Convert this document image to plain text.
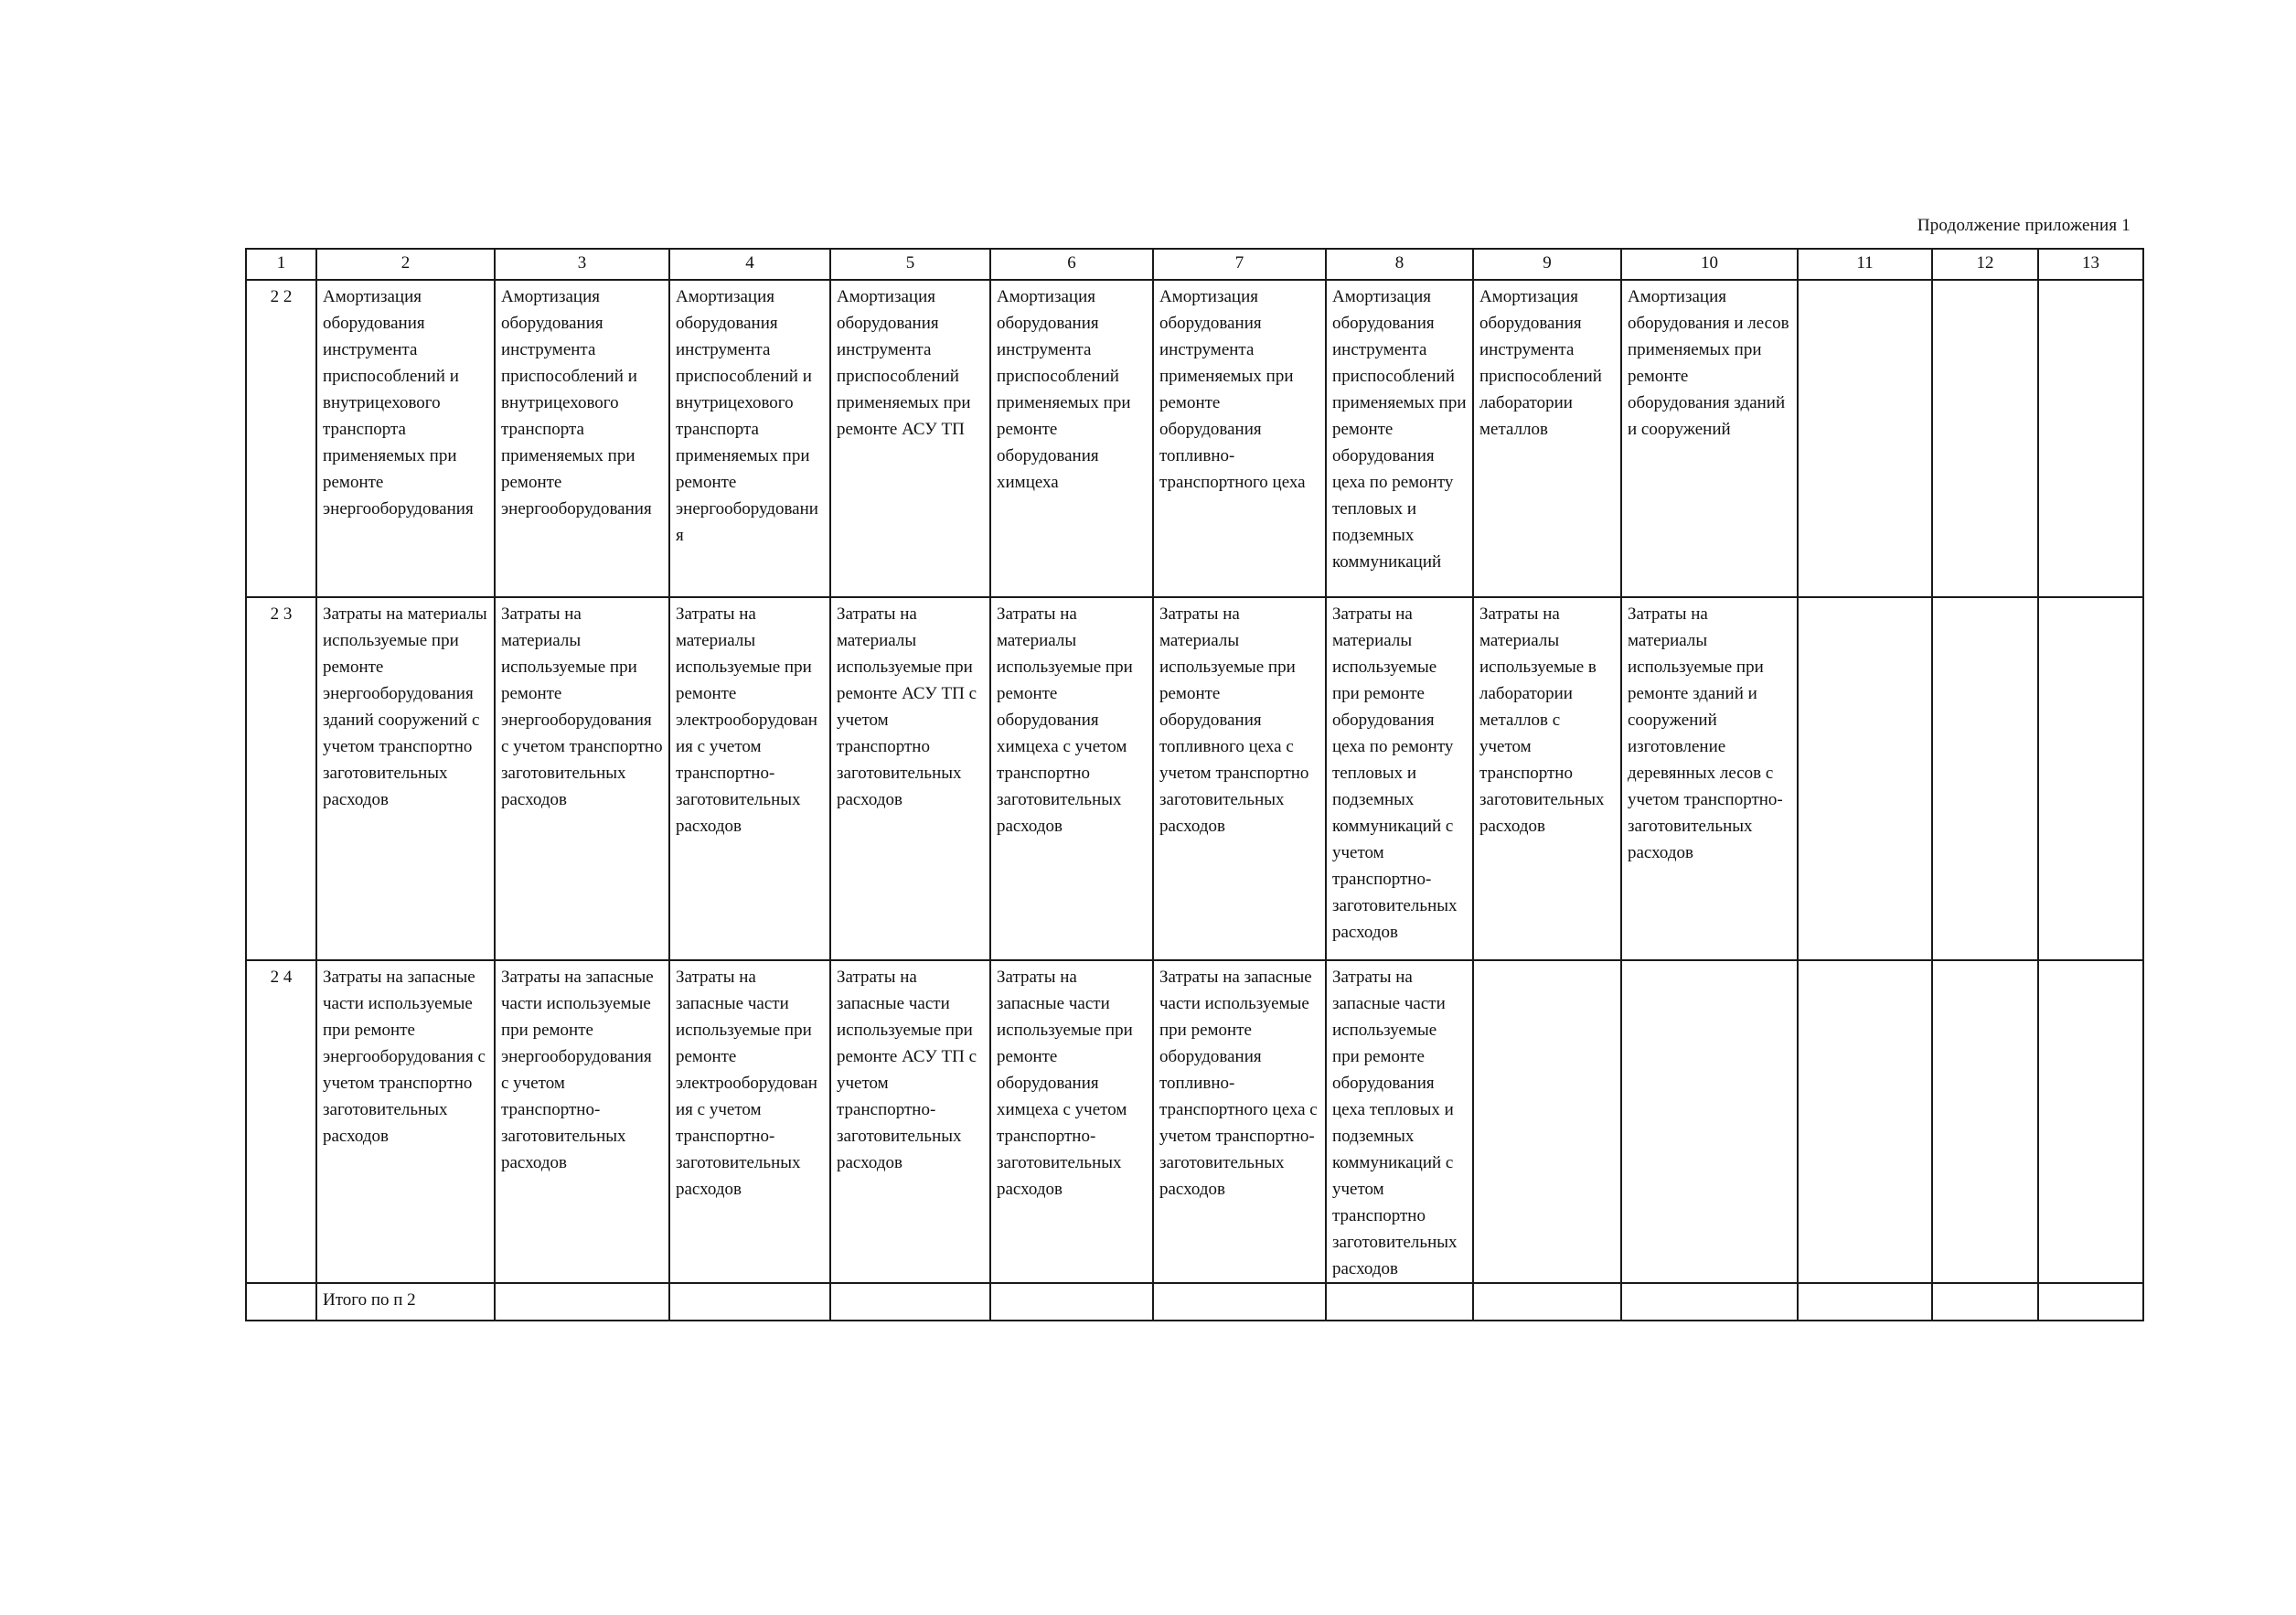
Продолжение приложения 1
1	2	3	4	5	6	7	8	9	10	11	12	13
2 2	Амортизация оборудования инструмента приспособлений и внутрицехового транспорта применяемых при ремонте энергооборудования	Амортизация оборудования инструмента приспособлений и внутрицехового транспорта применяемых при ремонте энергооборудования	Амортизация оборудования инструмента приспособлений и внутрицехового транспорта применяемых при ремонте энергооборудования	Амортизация оборудования инструмента приспособлений применяемых при ремонте АСУ ТП	Амортизация оборудования инструмента приспособлений применяемых при ремонте оборудования химцеха	Амортизация оборудования инструмента применяемых при ремонте оборудования топливно-транспортного цеха	Амортизация оборудования инструмента приспособлений применяемых при ремонте оборудования цеха по ремонту тепловых и подземных коммуникаций	Амортизация оборудования инструмента приспособлений лаборатории металлов	Амортизация оборудования и лесов применяемых при ремонте оборудования зданий и сооружений			
2 3	Затраты на материалы используемые при ремонте энергооборудования зданий сооружений с учетом транспортно заготовительных расходов	Затраты на материалы используемые при ремонте энергооборудования с учетом транспортно заготовительных расходов	Затраты на материалы используемые при ремонте электрооборудования с учетом транспортно-заготовительных расходов	Затраты на материалы используемые при ремонте АСУ ТП с учетом транспортно заготовительных расходов	Затраты на материалы используемые при ремонте оборудования химцеха с учетом транспортно заготовительных расходов	Затраты на материалы используемые при ремонте оборудования топливного цеха с учетом транспортно заготовительных расходов	Затраты на материалы используемые при ремонте оборудования цеха по ремонту тепловых и подземных коммуникаций с учетом транспортно-заготовительных расходов	Затраты на материалы используемые в лаборатории металлов с учетом транспортно заготовительных расходов	Затраты на материалы используемые при ремонте зданий и сооружений изготовление деревянных лесов с учетом транспортно-заготовительных расходов			
2 4	Затраты на запасные части используемые при ремонте энергооборудования с учетом транспортно заготовительных расходов	Затраты на запасные части используемые при ремонте энергооборудования с учетом транспортно-заготовительных расходов	Затраты на запасные части используемые при ремонте электрооборудования с учетом транспортно-заготовительных расходов	Затраты на запасные части используемые при ремонте АСУ ТП с учетом транспортно-заготовительных расходов	Затраты на запасные части используемые при ремонте оборудования химцеха с учетом транспортно-заготовительных расходов	Затраты на запасные части используемые при ремонте оборудования топливно-транспортного цеха с учетом транспортно-заготовительных расходов	Затраты на запасные части используемые при ремонте оборудования цеха тепловых и подземных коммуникаций с учетом транспортно заготовительных расходов					
	Итого по п 2											
